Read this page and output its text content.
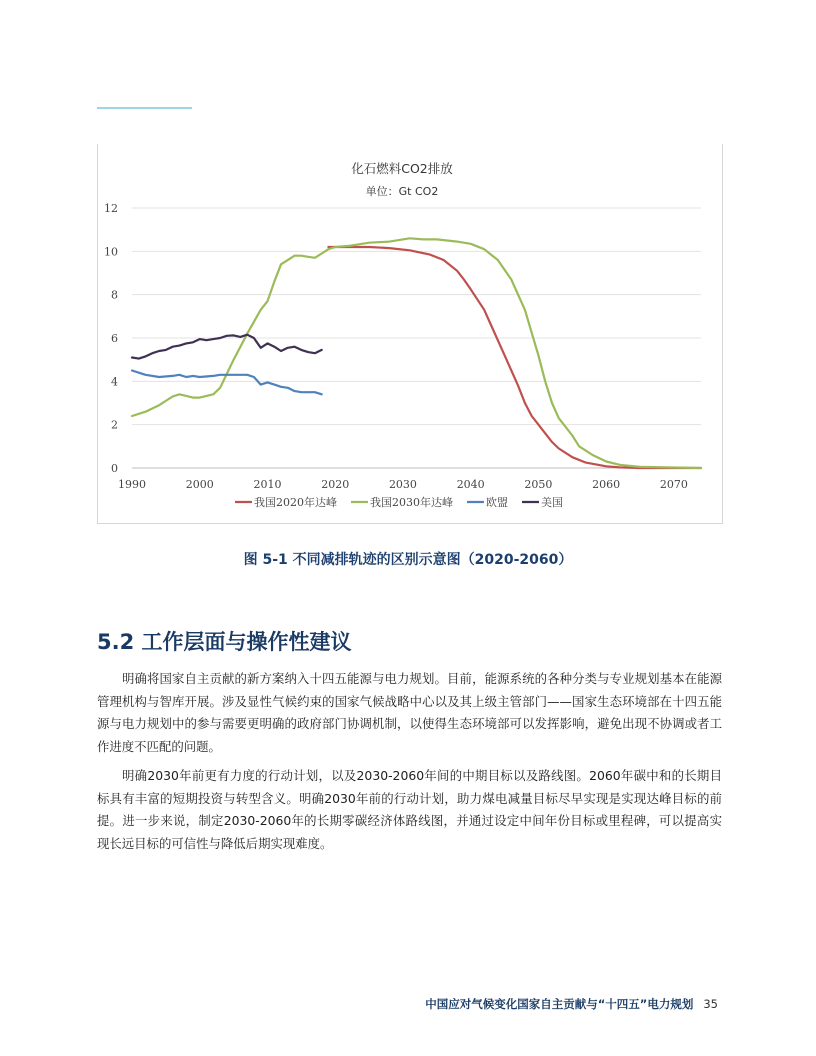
化石燃料CO2排放
单位：Gt CO2
0
2
4
6
8
10
12
1990	2000	2010	2020	2030	2040	2050	2060	2070
我国2020年达峰	我国2030年达峰	欧盟	美国
图 5-1 不同减排轨迹的区别示意图（2020-2060）
5.2 工作层面与操作性建议
明确将国家自主贡献的新方案纳入十四五能源与电力规划。目前，能源系统的各种分类与专业规划基本在能源管理机构与智库开展。涉及显性气候约束的国家气候战略中心以及其上级主管部门——国家生态环境部在十四五能源与电力规划中的参与需要更明确的政府部门协调机制，以使得生态环境部可以发挥影响，避免出现不协调或者工作进度不匹配的问题。
明确2030年前更有力度的行动计划，以及2030-2060年间的中期目标以及路线图。2060年碳中和的长期目标具有丰富的短期投资与转型含义。明确2030年前的行动计划，助力煤电减量目标尽早实现是实现达峰目标的前提。进一步来说，制定2030-2060年的长期零碳经济体路线图，并通过设定中间年份目标或里程碑，可以提高实现长远目标的可信性与降低后期实现难度。
中国应对气候变化国家自主贡献与“十四五”电力规划 35
